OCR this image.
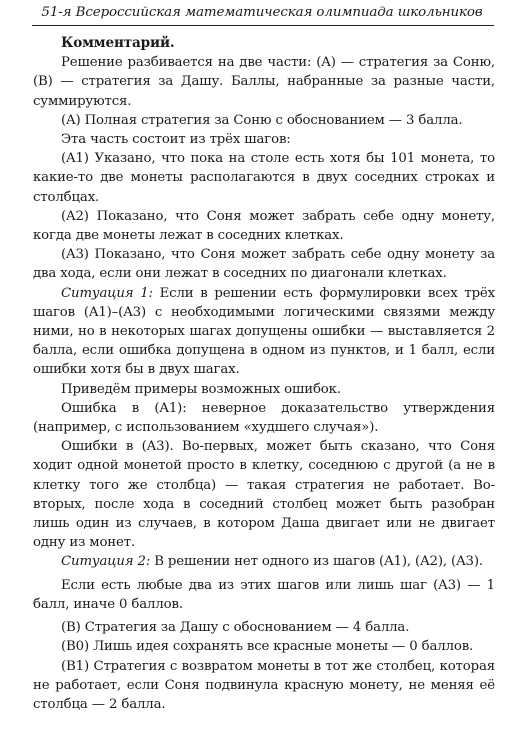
51-я Всероссийская математическая олимпиада школьников

Комментарий.

Решение разбивается на две части: (A) — стратегия за Соню, (B) — стратегия за Дашу. Баллы, набранные за разные части, суммируются.

(A) Полная стратегия за Соню с обоснованием — 3 балла.

Эта часть состоит из трёх шагов:

(A1) Указано, что пока на столе есть хотя бы 101 монета, то какие-то две монеты располагаются в двух соседних строках и столбцах.

(A2) Показано, что Соня может забрать себе одну монету, когда две монеты лежат в соседних клетках.

(A3) Показано, что Соня может забрать себе одну монету за два хода, если они лежат в соседних по диагонали клетках.

Ситуация 1: Если в решении есть формулировки всех трёх шагов (A1)–(A3) с необходимыми логическими связями между ними, но в некоторых шагах допущены ошибки — выставляется 2 балла, если ошибка допущена в одном из пунктов, и 1 балл, если ошибки хотя бы в двух шагах.

Приведём примеры возможных ошибок.

Ошибка в (A1): неверное доказательство утверждения (например, с использованием «худшего случая»).

Ошибки в (A3). Во-первых, может быть сказано, что Соня ходит одной монетой просто в клетку, соседнюю с другой (а не в клетку того же столбца) — такая стратегия не работает. Во-вторых, после хода в соседний столбец может быть разобран лишь один из случаев, в котором Даша двигает или не двигает одну из монет.

Ситуация 2: В решении нет одного из шагов (A1), (A2), (A3).

Если есть любые два из этих шагов или лишь шаг (A3) — 1 балл, иначе 0 баллов.

(B) Стратегия за Дашу с обоснованием — 4 балла.

(B0) Лишь идея сохранять все красные монеты — 0 баллов.

(B1) Стратегия с возвратом монеты в тот же столбец, которая не работает, если Соня подвинула красную монету, не меняя её столбца — 2 балла.
